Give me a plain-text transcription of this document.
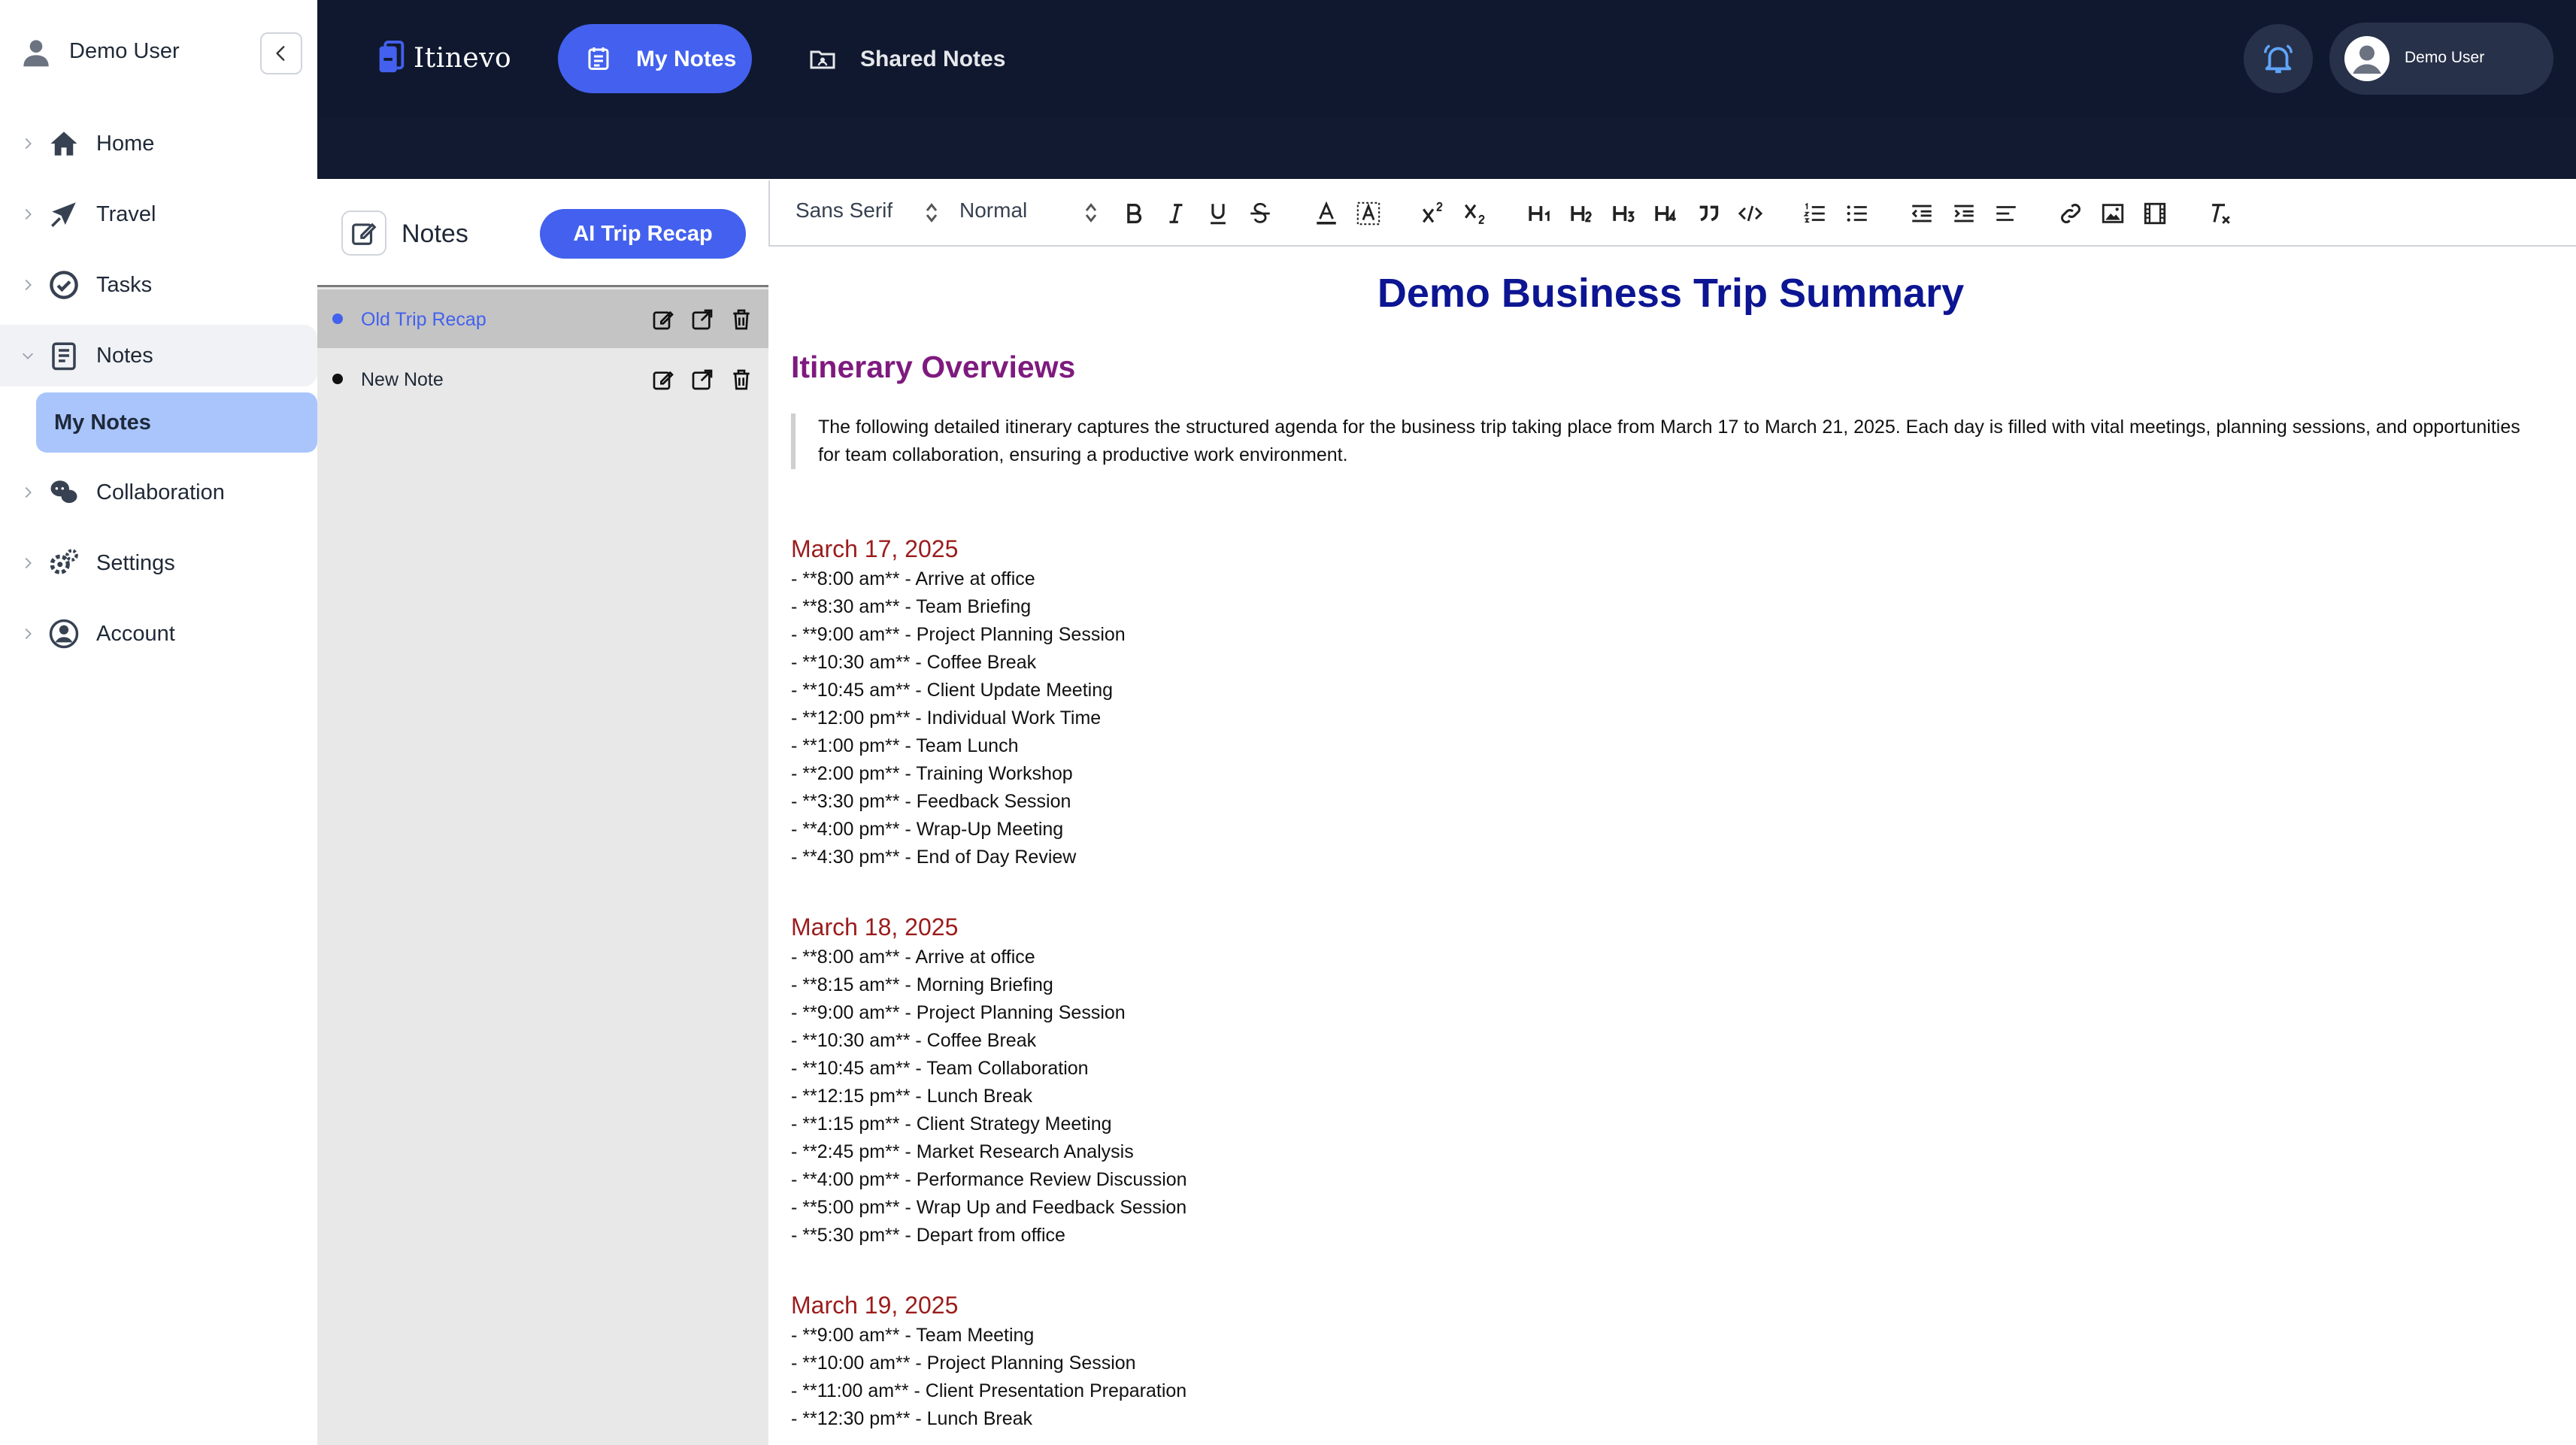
Demo User
Home
Travel
Tasks
Notes
My Notes
Collaboration
Settings
Account
Itinevo	My Notes	Shared Notes	Demo User
Notes	AI Trip Recap
Old Trip Recap
New Note
Sans Serif	Normal
Demo Business Trip Summary
Itinerary Overviews
The following detailed itinerary captures the structured agenda for the business trip taking place from March 17 to March 21, 2025. Each day is filled with vital meetings, planning sessions, and opportunities for team collaboration, ensuring a productive work environment.
March 17, 2025
- **8:00 am** - Arrive at office
- **8:30 am** - Team Briefing
- **9:00 am** - Project Planning Session
- **10:30 am** - Coffee Break
- **10:45 am** - Client Update Meeting
- **12:00 pm** - Individual Work Time
- **1:00 pm** - Team Lunch
- **2:00 pm** - Training Workshop
- **3:30 pm** - Feedback Session
- **4:00 pm** - Wrap-Up Meeting
- **4:30 pm** - End of Day Review
March 18, 2025
- **8:00 am** - Arrive at office
- **8:15 am** - Morning Briefing
- **9:00 am** - Project Planning Session
- **10:30 am** - Coffee Break
- **10:45 am** - Team Collaboration
- **12:15 pm** - Lunch Break
- **1:15 pm** - Client Strategy Meeting
- **2:45 pm** - Market Research Analysis
- **4:00 pm** - Performance Review Discussion
- **5:00 pm** - Wrap Up and Feedback Session
- **5:30 pm** - Depart from office
March 19, 2025
- **9:00 am** - Team Meeting
- **10:00 am** - Project Planning Session
- **11:00 am** - Client Presentation Preparation
- **12:30 pm** - Lunch Break
